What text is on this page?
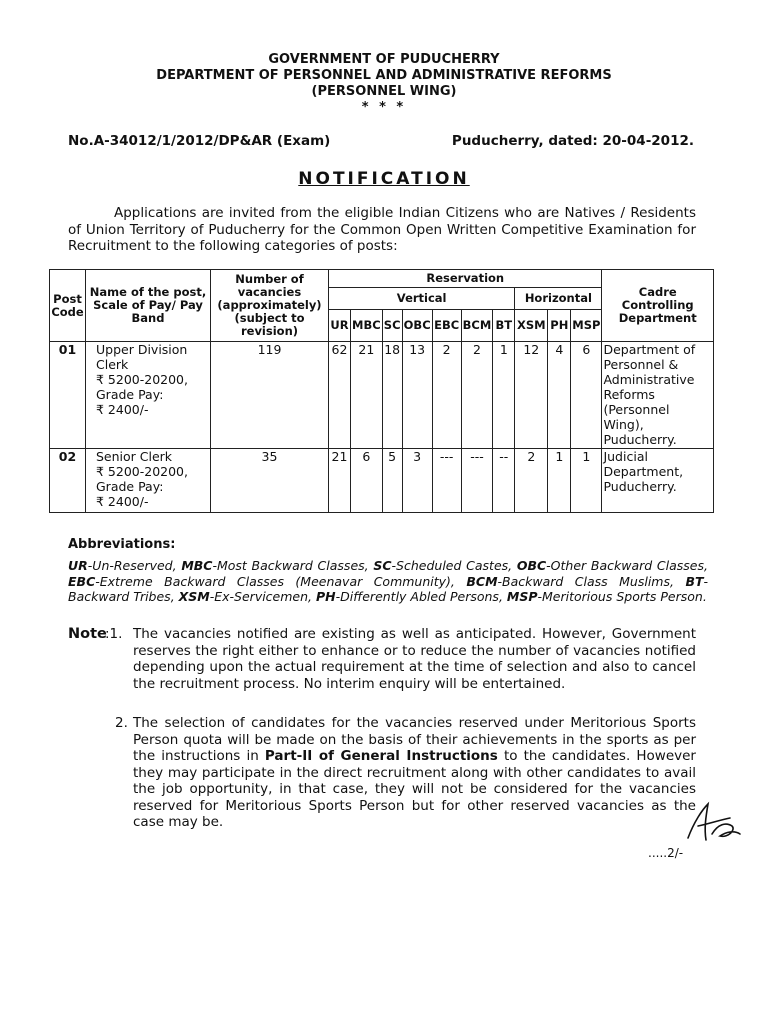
GOVERNMENT OF PUDUCHERRY
DEPARTMENT OF PERSONNEL AND ADMINISTRATIVE REFORMS
(PERSONNEL WING)
* * *
No.A-34012/1/2012/DP&AR (Exam)	Puducherry, dated: 20-04-2012.
NOTIFICATION
Applications are invited from the eligible Indian Citizens who are Natives / Residents of Union Territory of Puducherry for the Common Open Written Competitive Examination for Recruitment to the following categories of posts:
Post Code	Name of the post, Scale of Pay/ Pay Band	Number of vacancies (approximately) (subject to revision)	Reservation										Cadre Controlling Department
			Vertical							Horizontal			
			UR	MBC	SC	OBC	EBC	BCM	BT	XSM	PH	MSP	
01	Upper Division Clerk
₹ 5200-20200,
Grade Pay:
₹ 2400/-	119	62	21	18	13	2	2	1	12	4	6	Department of Personnel & Administrative Reforms (Personnel Wing), Puducherry.
02	Senior Clerk
₹ 5200-20200,
Grade Pay:
₹ 2400/-	35	21	6	5	3	---	---	--	2	1	1	Judicial Department, Puducherry.
Abbreviations:
UR-Un-Reserved, MBC-Most Backward Classes, SC-Scheduled Castes, OBC-Other Backward Classes, EBC-Extreme Backward Classes (Meenavar Community), BCM-Backward Class Muslims, BT-Backward Tribes, XSM-Ex-Servicemen, PH-Differently Abled Persons, MSP-Meritorious Sports Person.
Note
:1. The vacancies notified are existing as well as anticipated. However, Government reserves the right either to enhance or to reduce the number of vacancies notified depending upon the actual requirement at the time of selection and also to cancel the recruitment process. No interim enquiry will be entertained.
2. The selection of candidates for the vacancies reserved under Meritorious Sports Person quota will be made on the basis of their achievements in the sports as per the instructions in Part-II of General Instructions to the candidates. However they may participate in the direct recruitment along with other candidates to avail the job opportunity, in that case, they will not be considered for the vacancies reserved for Meritorious Sports Person but for other reserved vacancies as the case may be.
.....2/-
